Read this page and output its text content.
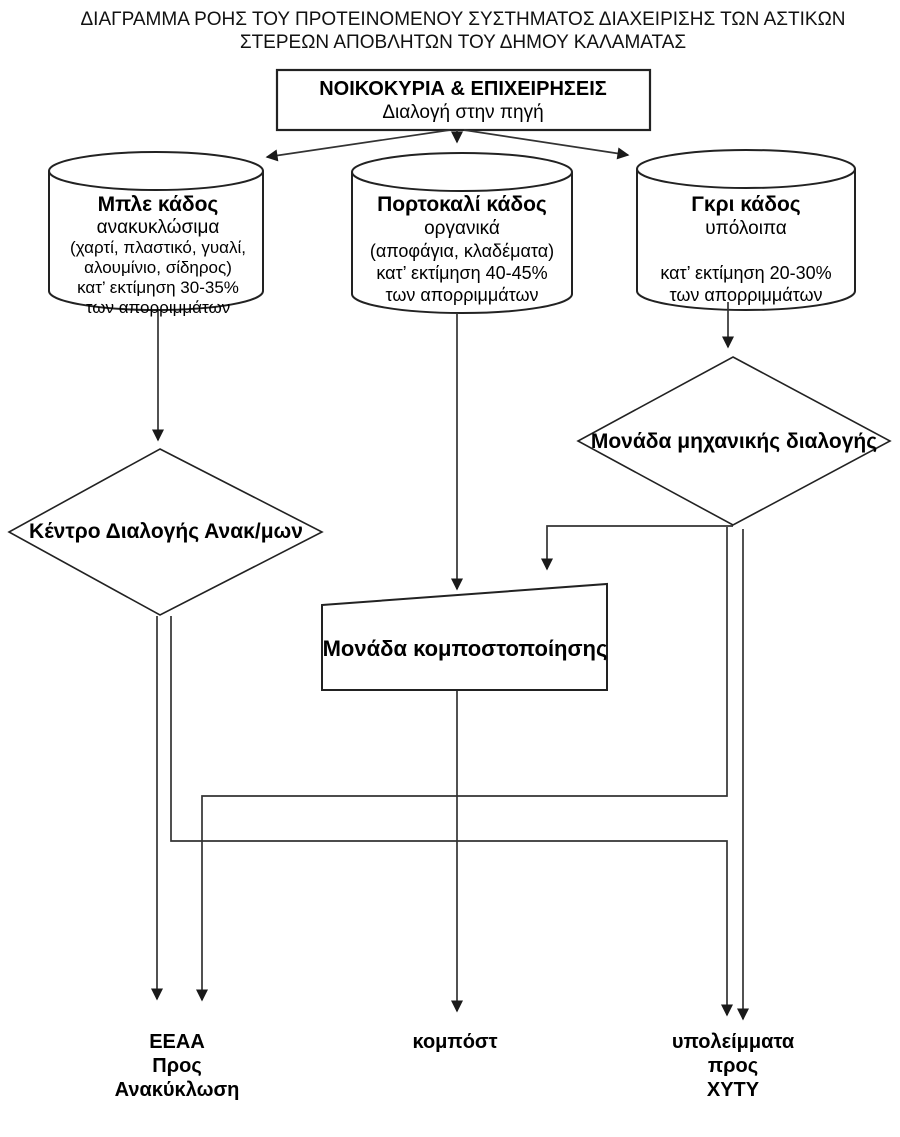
ΔΙΑΓΡΑΜΜΑ ΡΟΗΣ ΤΟΥ ΠΡΟΤΕΙΝΟΜΕΝΟΥ ΣΥΣΤΗΜΑΤΟΣ ΔΙΑΧΕΙΡΙΣΗΣ ΤΩΝ ΑΣΤΙΚΩΝ
ΣΤΕΡΕΩΝ ΑΠΟΒΛΗΤΩΝ ΤΟΥ ΔΗΜΟΥ ΚΑΛΑΜΑΤΑΣ
ΝΟΙΚΟΚΥΡΙΑ & ΕΠΙΧΕΙΡΗΣΕΙΣ
Διαλογή στην πηγή
Μπλε κάδος
ανακυκλώσιμα
(χαρτί, πλαστικό, γυαλί,
αλουμίνιο, σίδηρος)
κατ’ εκτίμηση 30-35%
των απορριμμάτων
Πορτοκαλί κάδος
οργανικά
(αποφάγια, κλαδέματα)
κατ’ εκτίμηση 40-45%
των απορριμμάτων
Γκρι κάδος
υπόλοιπα
κατ’ εκτίμηση 20-30%
των απορριμμάτων
Κέντρο Διαλογής Ανακ/μων
Μονάδα μηχανικής διαλογής
Μονάδα κομποστοποίησης
ΕΕΑΑ
Προς
Ανακύκλωση
κομπόστ	υπολείμματα
προς
ΧΥΤΥ
